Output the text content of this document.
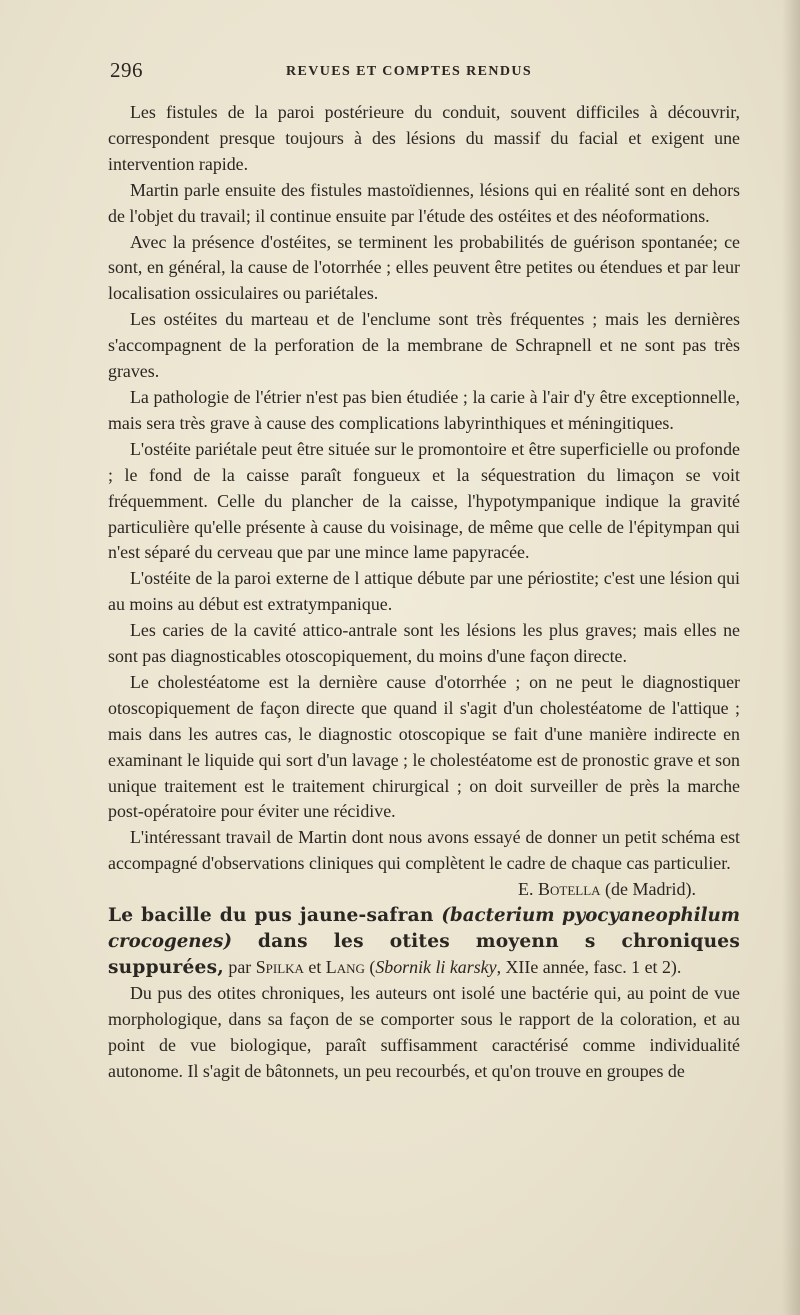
296	REVUES ET COMPTES RENDUS

Les fistules de la paroi postérieure du conduit, souvent difficiles à découvrir, correspondent presque toujours à des lésions du massif du facial et exigent une intervention rapide.

Martin parle ensuite des fistules mastoïdiennes, lésions qui en réalité sont en dehors de l'objet du travail; il continue ensuite par l'étude des ostéites et des néoformations.

Avec la présence d'ostéites, se terminent les probabilités de guérison spontanée; ce sont, en général, la cause de l'otorrhée ; elles peuvent être petites ou étendues et par leur localisation ossiculaires ou pariétales.

Les ostéites du marteau et de l'enclume sont très fréquentes ; mais les dernières s'accompagnent de la perforation de la membrane de Schrapnell et ne sont pas très graves.

La pathologie de l'étrier n'est pas bien étudiée ; la carie à l'air d'y être exceptionnelle, mais sera très grave à cause des complications labyrinthiques et méningitiques.

L'ostéite pariétale peut être située sur le promontoire et être superficielle ou profonde ; le fond de la caisse paraît fongueux et la séquestration du limaçon se voit fréquemment. Celle du plancher de la caisse, l'hypotympanique indique la gravité particulière qu'elle présente à cause du voisinage, de même que celle de l'épitympan qui n'est séparé du cerveau que par une mince lame papyracée.

L'ostéite de la paroi externe de l attique débute par une périostite; c'est une lésion qui au moins au début est extratympanique.

Les caries de la cavité attico-antrale sont les lésions les plus graves; mais elles ne sont pas diagnosticables otoscopiquement, du moins d'une façon directe.

Le cholestéatome est la dernière cause d'otorrhée ; on ne peut le diagnostiquer otoscopiquement de façon directe que quand il s'agit d'un cholestéatome de l'attique ; mais dans les autres cas, le diagnostic otoscopique se fait d'une manière indirecte en examinant le liquide qui sort d'un lavage ; le cholestéatome est de pronostic grave et son unique traitement est le traitement chirurgical ; on doit surveiller de près la marche post-opératoire pour éviter une récidive.

L'intéressant travail de Martin dont nous avons essayé de donner un petit schéma est accompagné d'observations cliniques qui complètent le cadre de chaque cas particulier.

E. Botella (de Madrid).

Le bacille du pus jaune-safran (bacterium pyocyaneophilum crocogenes) dans les otites moyenn s chroniques suppurées, par Spilka et Lang (Sbornik li karsky, XIIe année, fasc. 1 et 2).

Du pus des otites chroniques, les auteurs ont isolé une bactérie qui, au point de vue morphologique, dans sa façon de se comporter sous le rapport de la coloration, et au point de vue biologique, paraît suffisamment caractérisé comme individualité autonome. Il s'agit de bâtonnets, un peu recourbés, et qu'on trouve en groupes de
